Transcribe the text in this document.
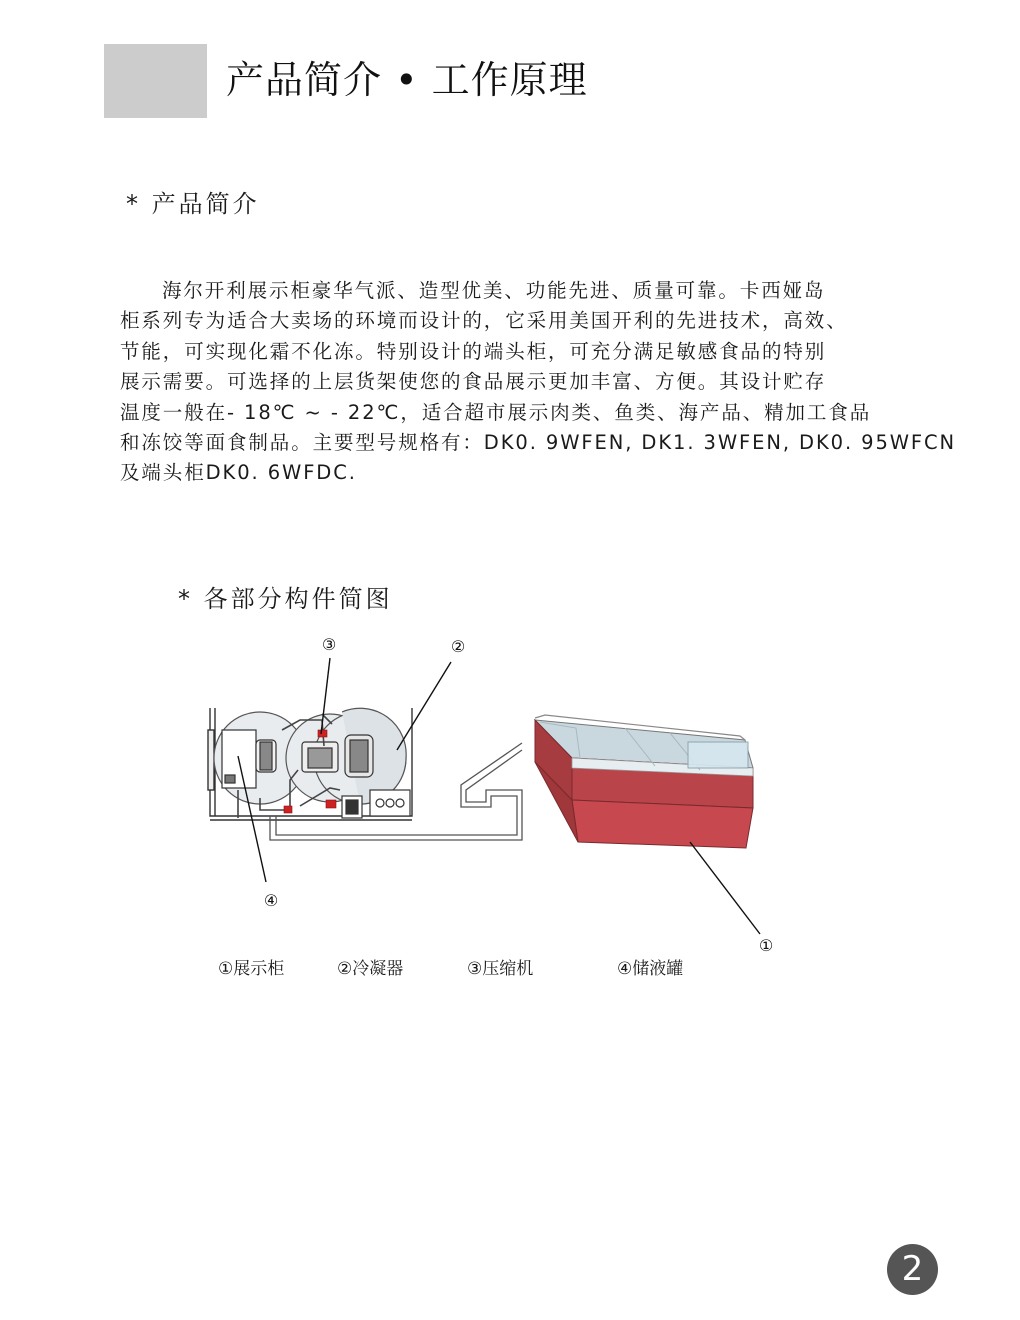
产品简介 • 工作原理
* 产品简介

海尔开利展示柜豪华气派、造型优美、功能先进、质量可靠。卡西娅岛
柜系列专为适合大卖场的环境而设计的，它采用美国开利的先进技术，高效、
节能，可实现化霜不化冻。特别设计的端头柜，可充分满足敏感食品的特别
展示需要。可选择的上层货架使您的食品展示更加丰富、方便。其设计贮存
温度一般在- 18℃ ~ - 22℃，适合超市展示肉类、鱼类、海产品、精加工食品
和冻饺等面食制品。主要型号规格有：DK0. 9WFEN, DK1. 3WFEN, DK0. 95WFCN
及端头柜DK0. 6WFDC.

* 各部分构件简图
③	②
④
①
①展示柜	②冷凝器	③压缩机	④储液罐
2
